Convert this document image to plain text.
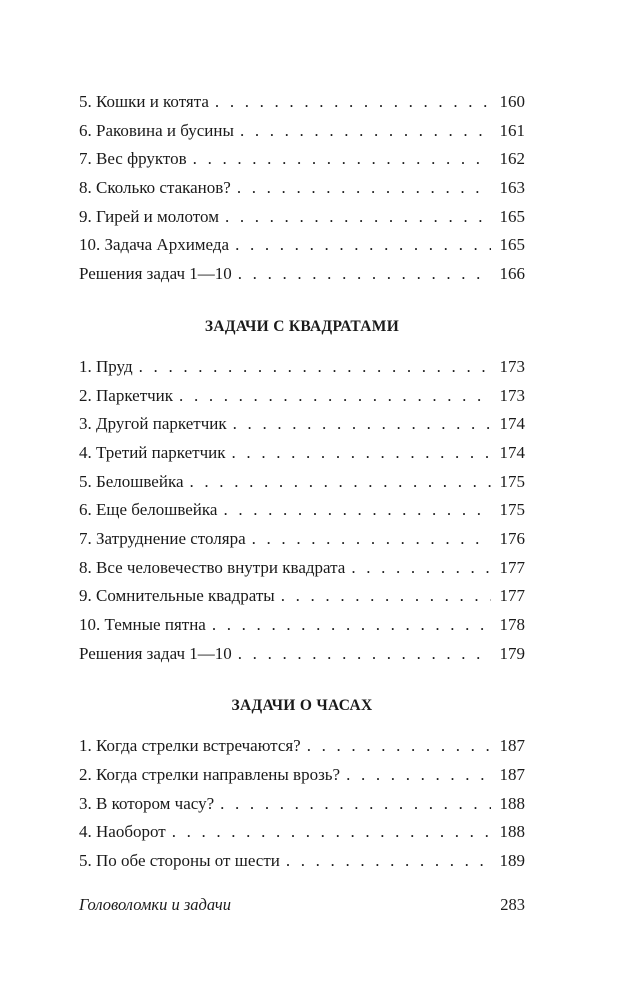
5. Кошки и котята . . .	160
6. Раковина и бусины . . .	161
7. Вес фруктов . . .	162
8. Сколько стаканов? . . .	163
9. Гирей и молотом . . .	165
10. Задача Архимеда . . .	165
Решения задач 1—10 . . .	166
ЗАДАЧИ С КВАДРАТАМИ
1. Пруд . . .	173
2. Паркетчик . . .	173
3. Другой паркетчик . . .	174
4. Третий паркетчик . . .	174
5. Белошвейка . . .	175
6. Еще белошвейка . . .	175
7. Затруднение столяра . . .	176
8. Все человечество внутри квадрата . . .	177
9. Сомнительные квадраты . . .	177
10. Темные пятна . . .	178
Решения задач 1—10 . . .	179
ЗАДАЧИ О ЧАСАХ
1. Когда стрелки встречаются? . . .	187
2. Когда стрелки направлены врозь? . . .	187
3. В котором часу? . . .	188
4. Наоборот . . .	188
5. По обе стороны от шести . . .	189
Головоломки и задачи	283
